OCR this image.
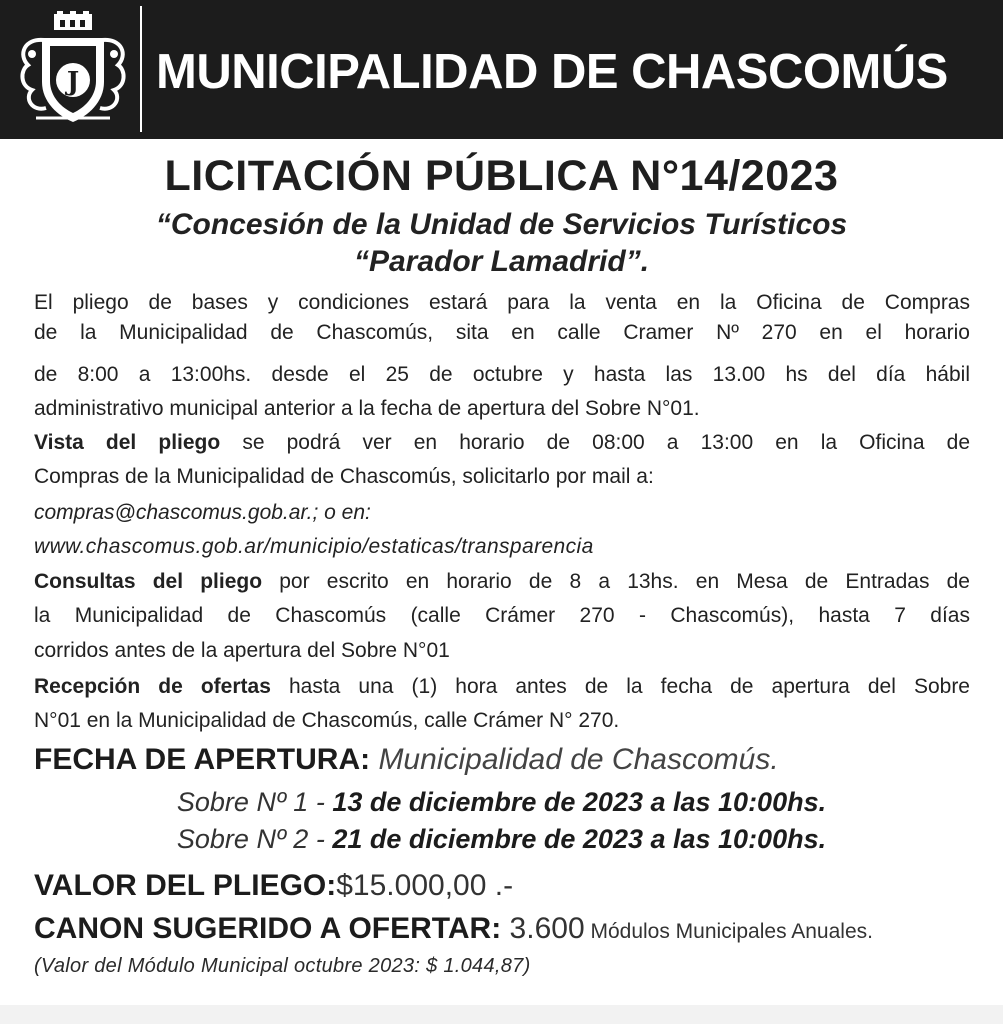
J MUNICIPALIDAD DE CHASCOMÚS
LICITACIÓN PÚBLICA N°14/2023
“Concesión de la Unidad de Servicios Turísticos
“Parador Lamadrid”.
El pliego de bases y condiciones estará para la venta en la Oficina de Compras
de la Municipalidad de Chascomús, sita en calle Cramer Nº 270 en el horario
de 8:00 a 13:00hs. desde el 25 de octubre y hasta las 13.00 hs del día hábil
administrativo municipal anterior a la fecha de apertura del Sobre N°01.
Vista del pliego se podrá ver en horario de 08:00 a 13:00 en la Oficina de
Compras de la Municipalidad de Chascomús, solicitarlo por mail a:
compras@chascomus.gob.ar.; o en:
www.chascomus.gob.ar/municipio/estaticas/transparencia
Consultas del pliego por escrito en horario de 8 a 13hs. en Mesa de Entradas de
la Municipalidad de Chascomús (calle Crámer 270 - Chascomús), hasta 7 días
corridos antes de la apertura del Sobre N°01
Recepción de ofertas hasta una (1) hora antes de la fecha de apertura del Sobre
N°01 en la Municipalidad de Chascomús, calle Crámer N° 270.
FECHA DE APERTURA: Municipalidad de Chascomús.
Sobre Nº 1 - 13 de diciembre de 2023 a las 10:00hs.
Sobre Nº 2 - 21 de diciembre de 2023 a las 10:00hs.
VALOR DEL PLIEGO:$15.000,00 .-
CANON SUGERIDO A OFERTAR: 3.600 Módulos Municipales Anuales.
(Valor del Módulo Municipal octubre 2023: $ 1.044,87)
